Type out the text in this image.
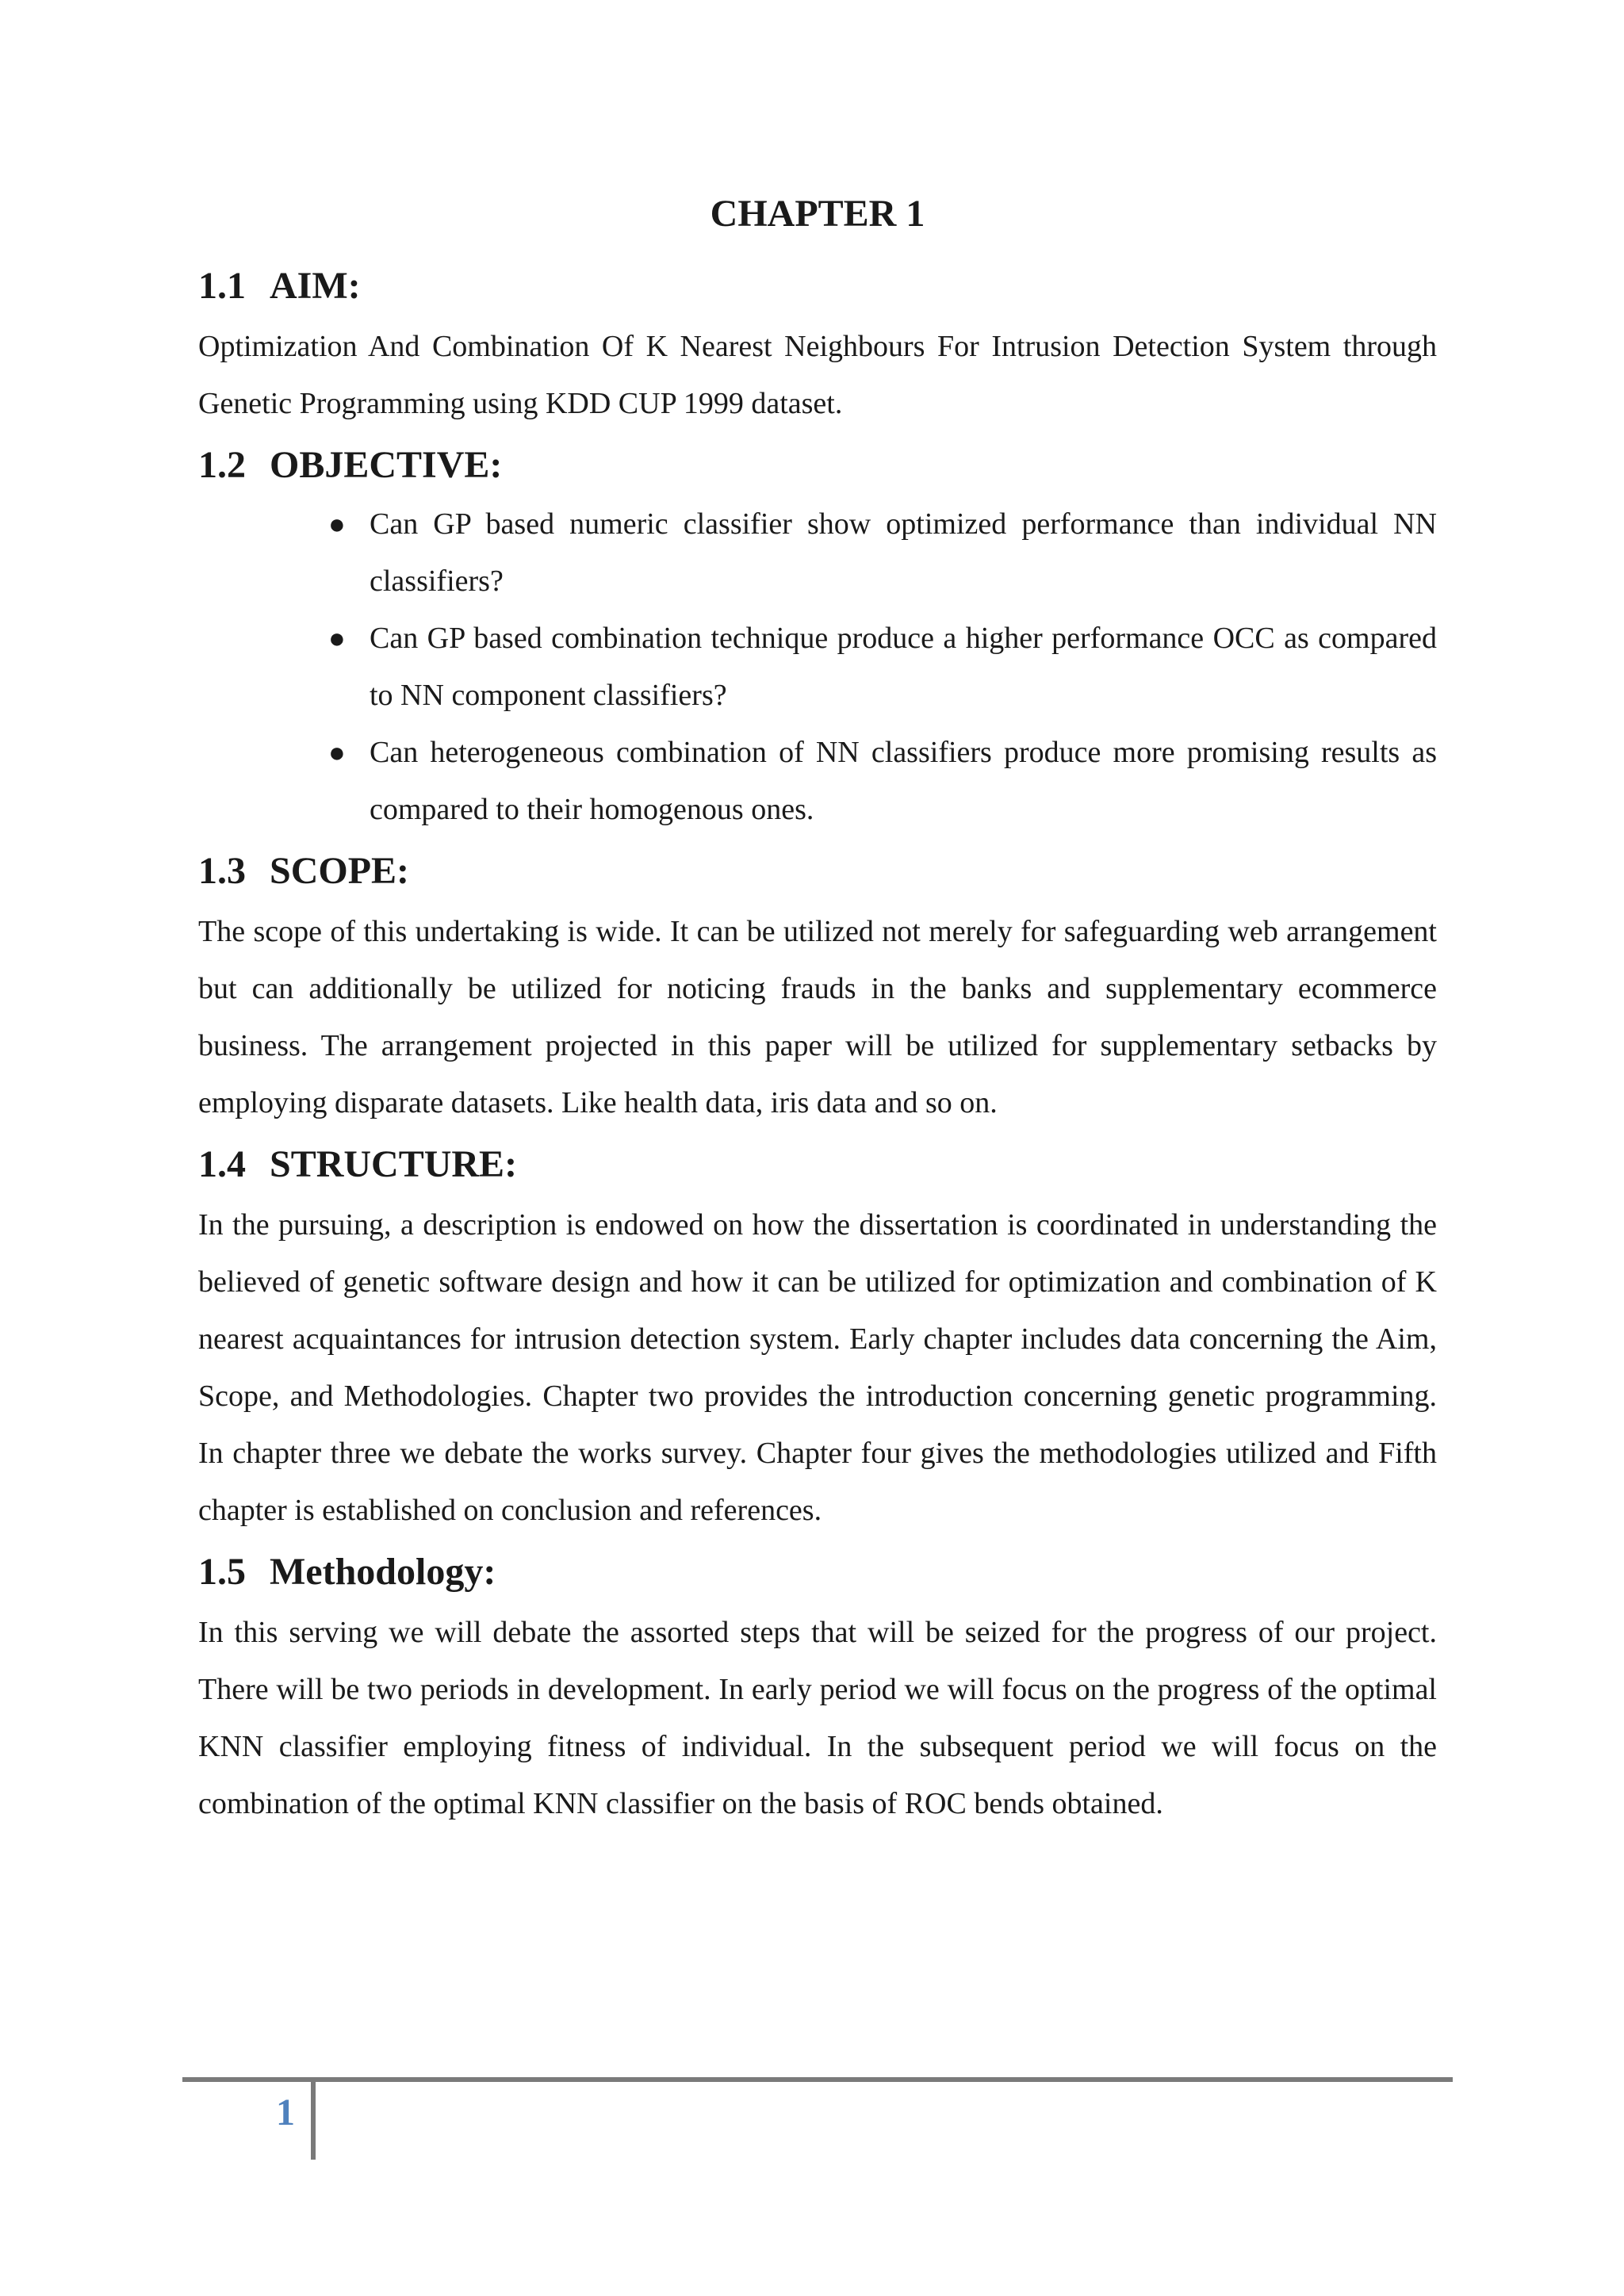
CHAPTER 1
1.1 AIM:

Optimization And Combination Of K Nearest Neighbours For Intrusion Detection System through Genetic Programming using KDD CUP 1999 dataset.

1.2 OBJECTIVE:
● Can GP based numeric classifier show optimized performance than individual NN classifiers?
● Can GP based combination technique produce a higher performance OCC as compared to NN component classifiers?
● Can heterogeneous combination of NN classifiers produce more promising results as compared to their homogenous ones.
1.3 SCOPE:

The scope of this undertaking is wide. It can be utilized not merely for safeguarding web arrangement but can additionally be utilized for noticing frauds in the banks and supplementary ecommerce business. The arrangement projected in this paper will be utilized for supplementary setbacks by employing disparate datasets. Like health data, iris data and so on.

1.4 STRUCTURE:

In the pursuing, a description is endowed on how the dissertation is coordinated in understanding the believed of genetic software design and how it can be utilized for optimization and combination of K nearest acquaintances for intrusion detection system. Early chapter includes data concerning the Aim, Scope, and Methodologies. Chapter two provides the introduction concerning genetic programming. In chapter three we debate the works survey. Chapter four gives the methodologies utilized and Fifth chapter is established on conclusion and references.

1.5 Methodology:

In this serving we will debate the assorted steps that will be seized for the progress of our project. There will be two periods in development. In early period we will focus on the progress of the optimal KNN classifier employing fitness of individual. In the subsequent period we will focus on the combination of the optimal KNN classifier on the basis of ROC bends obtained.

1
